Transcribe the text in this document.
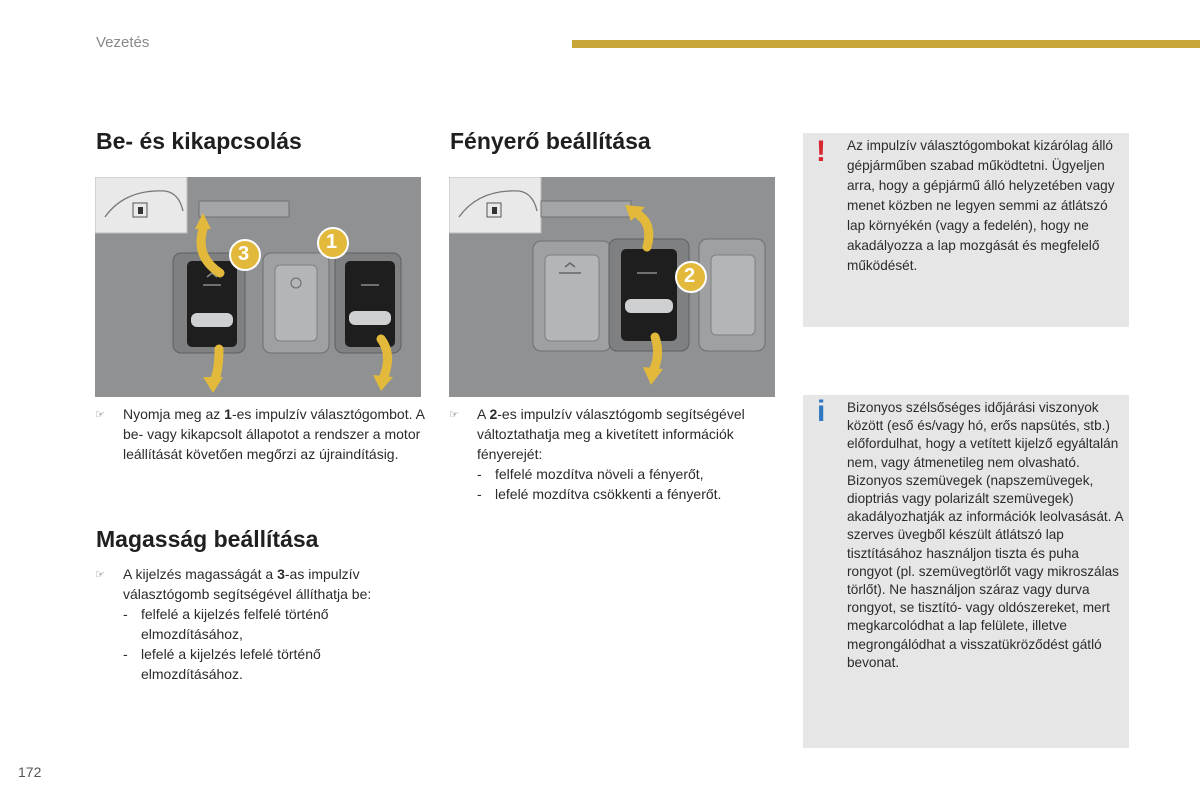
Vezetés
Be- és kikapcsolás
3
1
☞	Nyomja meg az 1-es impulzív választógombot. A be- vagy kikapcsolt állapotot a rendszer a motor leállítását követően megőrzi az újraindításig.

Magasság beállítása
☞	A kijelzés magasságát a 3-as impulzív választógomb segítségével állíthatja be:

- felfelé a kijelzés felfelé történő elmozdításához,
- lefelé a kijelzés lefelé történő elmozdításához.
Fényerő beállítása
2
☞	A 2-es impulzív választógomb segítségével változtathatja meg a kivetített információk fényerejét:

- felfelé mozdítva növeli a fényerőt,
- lefelé mozdítva csökkenti a fényerőt.
! Az impulzív választógombokat kizárólag álló gépjárműben szabad működtetni. Ügyeljen arra, hogy a gépjármű álló helyzetében vagy menet közben ne legyen semmi az átlátszó lap környékén (vagy a fedelén), hogy ne akadályozza a lap mozgását és megfelelő működését.
i Bizonyos szélsőséges időjárási viszonyok között (eső és/vagy hó, erős napsütés, stb.) előfordulhat, hogy a vetített kijelző egyáltalán nem, vagy átmenetileg nem olvasható. Bizonyos szemüvegek (napszemüvegek, dioptriás vagy polarizált szemüvegek) akadályozhatják az információk leolvasását. A szerves üvegből készült átlátszó lap tisztításához használjon tiszta és puha rongyot (pl. szemüvegtörlőt vagy mikroszálas törlőt). Ne használjon száraz vagy durva rongyot, se tisztító- vagy oldószereket, mert megkarcolódhat a lap felülete, illetve megrongálódhat a visszatükröződést gátló bevonat.
172
